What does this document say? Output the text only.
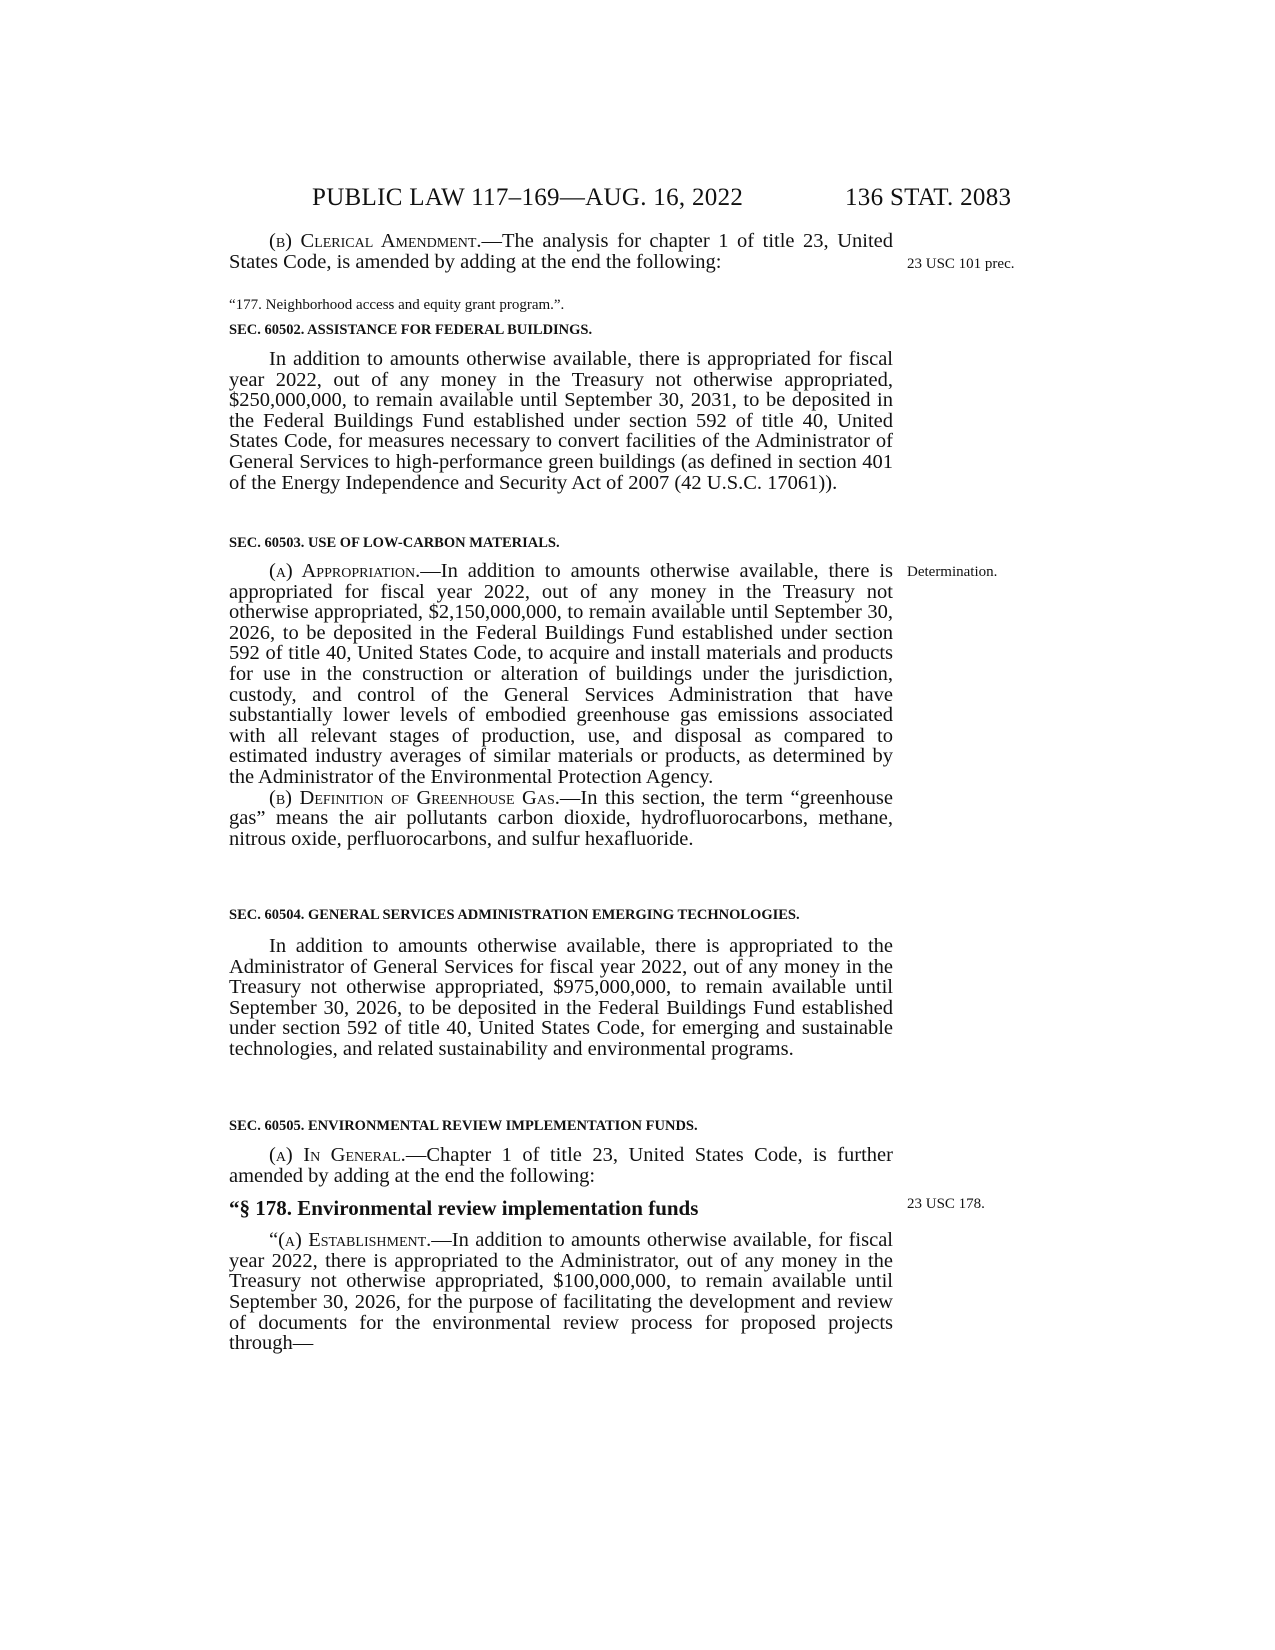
PUBLIC LAW 117–169—AUG. 16, 2022	136 STAT. 2083
23 USC 101 prec.
Determination.
23 USC 178.

(b) Clerical Amendment.—The analysis for chapter 1 of title 23, United States Code, is amended by adding at the end the following:

“177. Neighborhood access and equity grant program.”.

SEC. 60502. ASSISTANCE FOR FEDERAL BUILDINGS.

In addition to amounts otherwise available, there is appropriated for fiscal year 2022, out of any money in the Treasury not otherwise appropriated, $250,000,000, to remain available until September 30, 2031, to be deposited in the Federal Buildings Fund established under section 592 of title 40, United States Code, for measures necessary to convert facilities of the Administrator of General Services to high-performance green buildings (as defined in section 401 of the Energy Independence and Security Act of 2007 (42 U.S.C. 17061)).

SEC. 60503. USE OF LOW-CARBON MATERIALS.

(a) Appropriation.—In addition to amounts otherwise available, there is appropriated for fiscal year 2022, out of any money in the Treasury not otherwise appropriated, $2,150,000,000, to remain available until September 30, 2026, to be deposited in the Federal Buildings Fund established under section 592 of title 40, United States Code, to acquire and install materials and products for use in the construction or alteration of buildings under the jurisdiction, custody, and control of the General Services Administration that have substantially lower levels of embodied greenhouse gas emissions associated with all relevant stages of production, use, and disposal as compared to estimated industry averages of similar materials or products, as determined by the Administrator of the Environmental Protection Agency.

(b) Definition of Greenhouse Gas.—In this section, the term “greenhouse gas” means the air pollutants carbon dioxide, hydrofluorocarbons, methane, nitrous oxide, perfluorocarbons, and sulfur hexafluoride.

SEC. 60504. GENERAL SERVICES ADMINISTRATION EMERGING TECHNOLOGIES.

In addition to amounts otherwise available, there is appropriated to the Administrator of General Services for fiscal year 2022, out of any money in the Treasury not otherwise appropriated, $975,000,000, to remain available until September 30, 2026, to be deposited in the Federal Buildings Fund established under section 592 of title 40, United States Code, for emerging and sustainable technologies, and related sustainability and environmental programs.

SEC. 60505. ENVIRONMENTAL REVIEW IMPLEMENTATION FUNDS.

(a) In General.—Chapter 1 of title 23, United States Code, is further amended by adding at the end the following:

“§ 178. Environmental review implementation funds

“(a) Establishment.—In addition to amounts otherwise available, for fiscal year 2022, there is appropriated to the Administrator, out of any money in the Treasury not otherwise appropriated, $100,000,000, to remain available until September 30, 2026, for the purpose of facilitating the development and review of documents for the environmental review process for proposed projects through—
